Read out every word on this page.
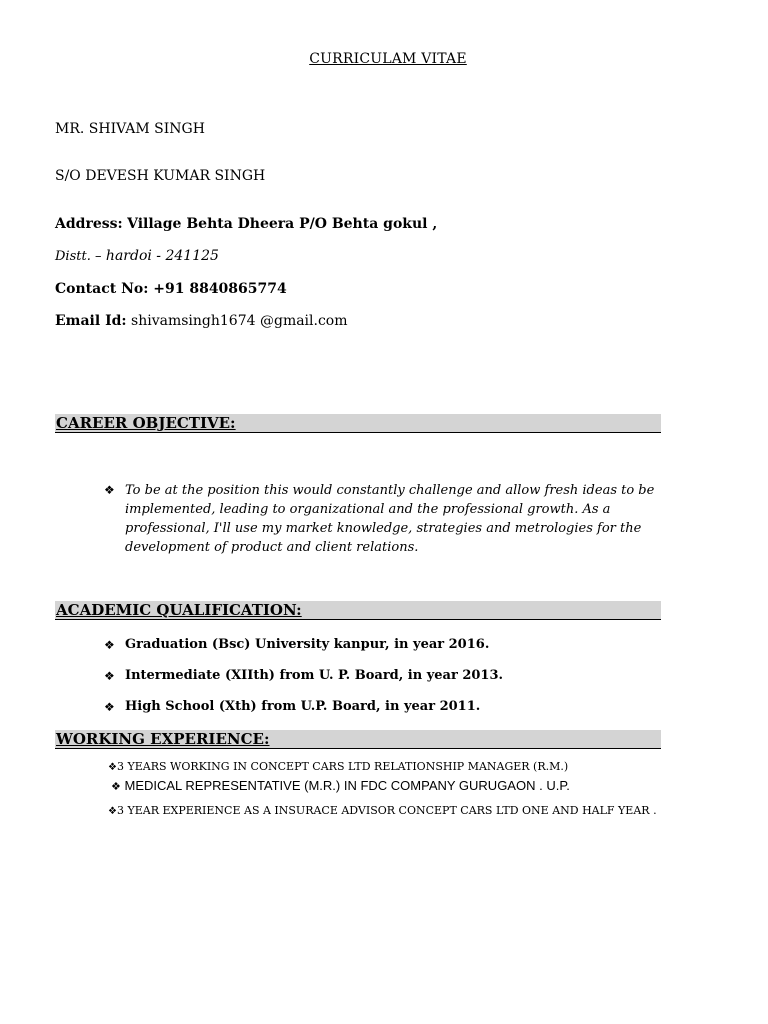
CURRICULAM VITAE
MR. SHIVAM SINGH
S/O DEVESH KUMAR SINGH
Address: Village Behta Dheera P/O Behta gokul ,
Distt. – hardoi - 241125
Contact No: +91 8840865774
Email Id: shivamsingh1674 @gmail.com
CAREER OBJECTIVE:
❖ To be at the position this would constantly challenge and allow fresh ideas to be implemented, leading to organizational and the professional growth. As a professional, I'll use my market knowledge, strategies and metrologies for the development of product and client relations.
ACADEMIC QUALIFICATION:
❖ Graduation (Bsc) University kanpur, in year 2016.
❖ Intermediate (XIIth) from U. P. Board, in year 2013.
❖ High School (Xth) from U.P. Board, in year 2011.
WORKING EXPERIENCE:
❖3 YEARS WORKING IN CONCEPT CARS LTD RELATIONSHIP MANAGER (R.M.)
❖ MEDICAL REPRESENTATIVE (M.R.) IN FDC COMPANY GURUGAON . U.P.
❖3 YEAR EXPERIENCE AS A INSURACE ADVISOR CONCEPT CARS LTD ONE AND HALF YEAR .
